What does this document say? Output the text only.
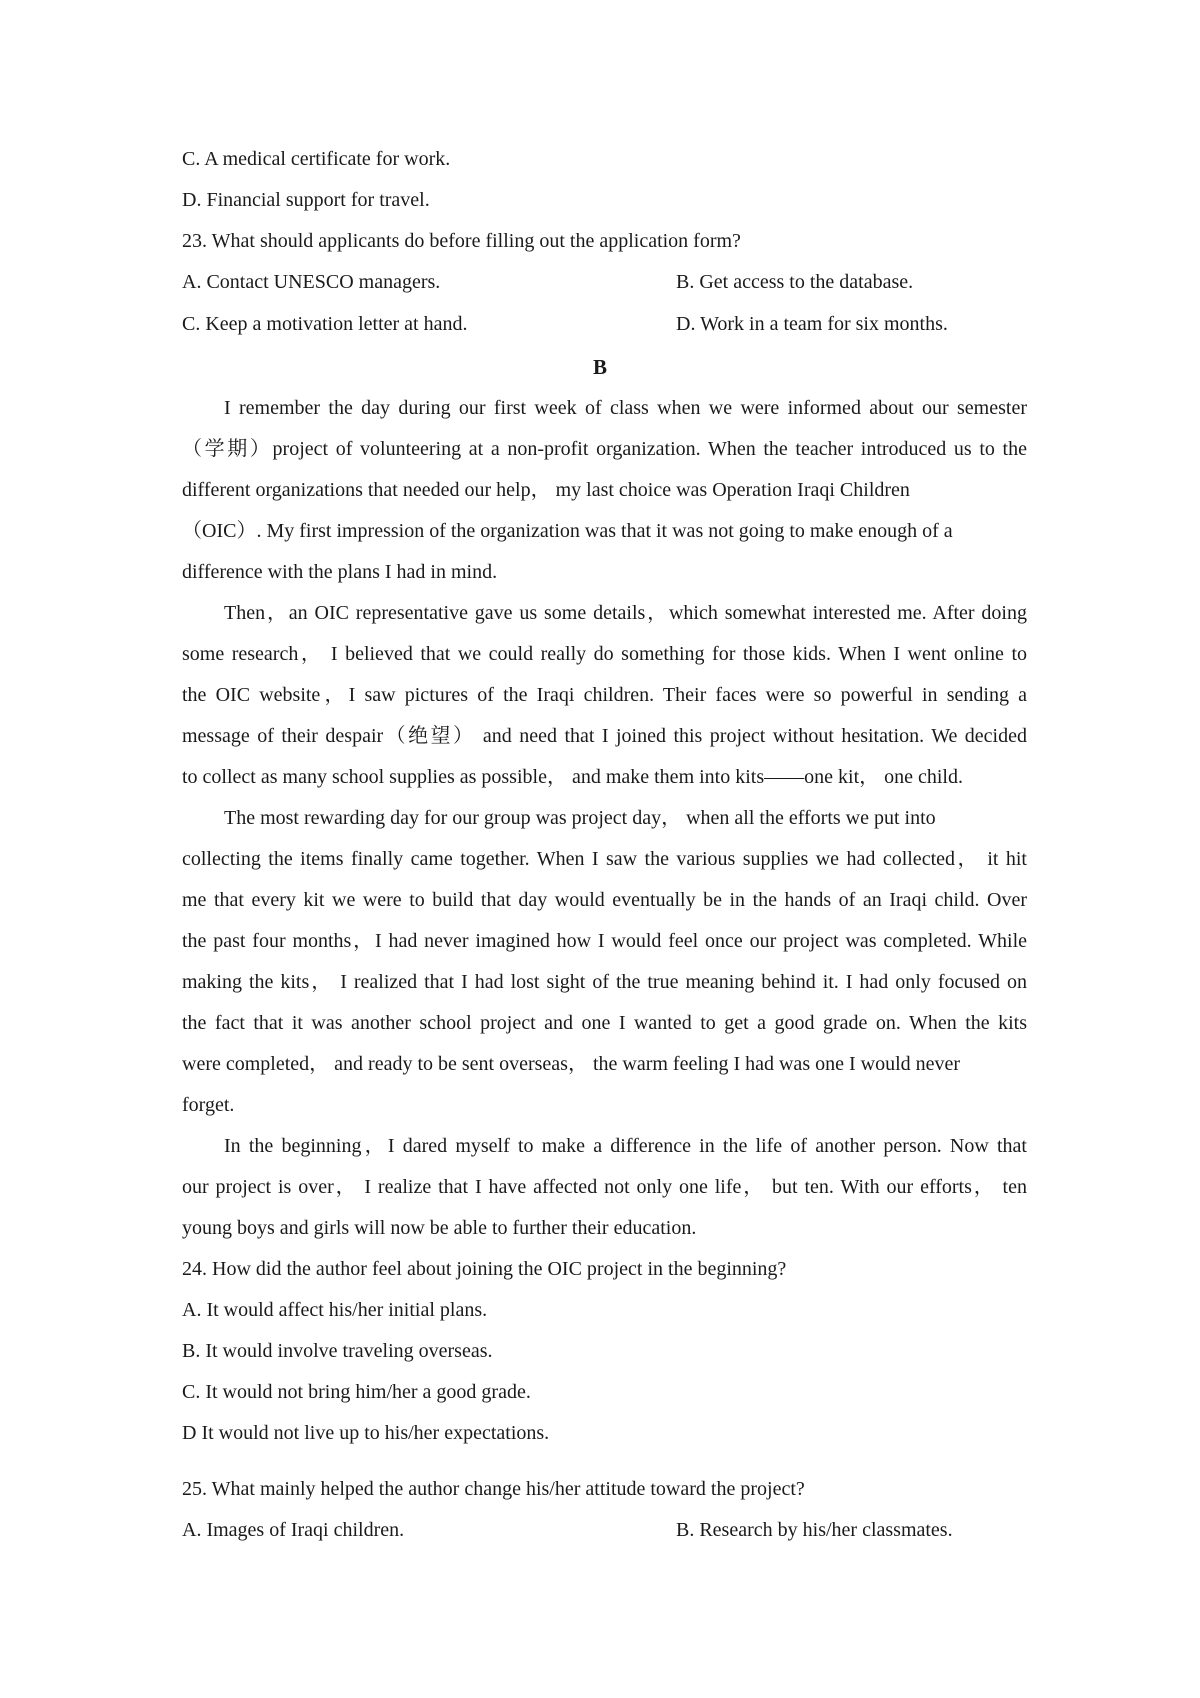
C. A medical certificate for work.
D. Financial support for travel.
23. What should applicants do before filling out the application form?
A. Contact UNESCO managers.	B. Get access to the database.
C. Keep a motivation letter at hand.	D. Work in a team for six months.
B
I remember the day during our first week of class when we were informed about our semester
（学期）project of volunteering at a non-profit organization. When the teacher introduced us to the
different organizations that needed our help， my last choice was Operation Iraqi Children
（OIC）. My first impression of the organization was that it was not going to make enough of a
difference with the plans I had in mind.
Then，an OIC representative gave us some details，which somewhat interested me. After doing
some research， I believed that we could really do something for those kids. When I went online to
the OIC website，I saw pictures of the Iraqi children. Their faces were so powerful in sending a
message of their despair（绝望） and need that I joined this project without hesitation. We decided
to collect as many school supplies as possible， and make them into kits——one kit， one child.
The most rewarding day for our group was project day， when all the efforts we put into
collecting the items finally came together. When I saw the various supplies we had collected， it hit
me that every kit we were to build that day would eventually be in the hands of an Iraqi child. Over
the past four months，I had never imagined how I would feel once our project was completed. While
making the kits， I realized that I had lost sight of the true meaning behind it. I had only focused on
the fact that it was another school project and one I wanted to get a good grade on. When the kits
were completed， and ready to be sent overseas， the warm feeling I had was one I would never
forget.
In the beginning，I dared myself to make a difference in the life of another person. Now that
our project is over， I realize that I have affected not only one life， but ten. With our efforts， ten
young boys and girls will now be able to further their education.
24. How did the author feel about joining the OIC project in the beginning?
A. It would affect his/her initial plans.
B. It would involve traveling overseas.
C. It would not bring him/her a good grade.
D It would not live up to his/her expectations.
25. What mainly helped the author change his/her attitude toward the project?
A. Images of Iraqi children.	B. Research by his/her classmates.
